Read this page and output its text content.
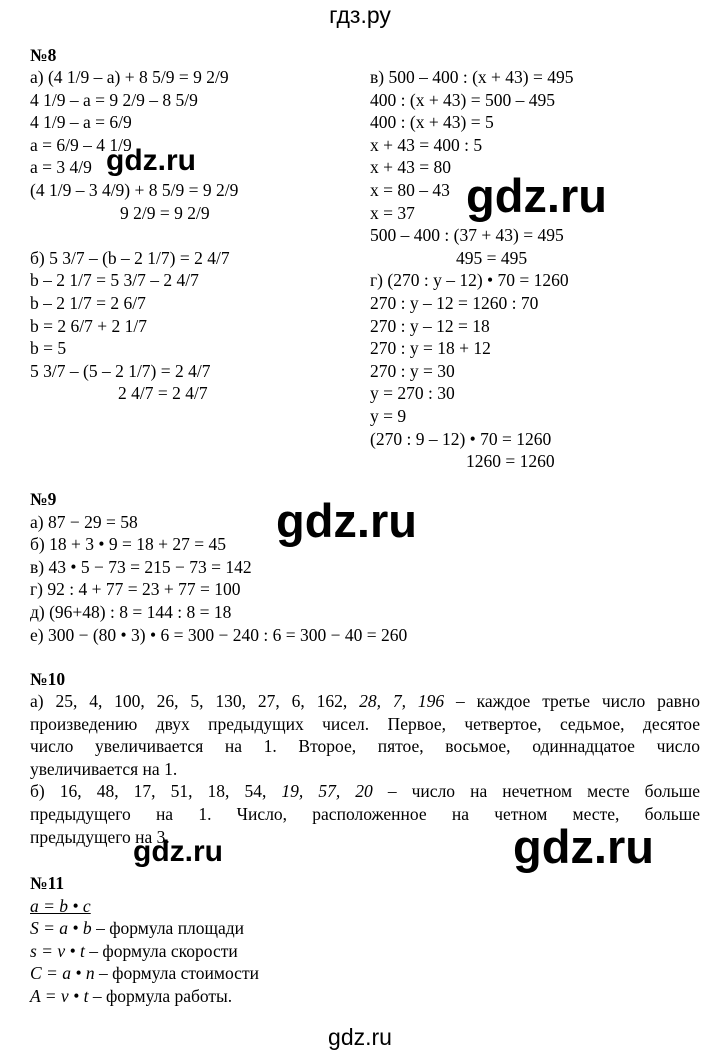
гдз.ру
№8
а) (4 1/9 – а) + 8 5/9 = 9 2/9
4 1/9 – а = 9 2/9 – 8 5/9
4 1/9 – а = 6/9
а = 6/9 – 4 1/9
а = 3 4/9
(4 1/9 – 3 4/9) + 8 5/9 = 9 2/9
9 2/9 = 9 2/9
б) 5 3/7 – (b – 2 1/7) = 2 4/7
b – 2 1/7 = 5 3/7 – 2 4/7
b – 2 1/7 = 2 6/7
b = 2 6/7 + 2 1/7
b = 5
5 3/7 – (5 – 2 1/7) = 2 4/7
2 4/7 = 2 4/7
в) 500 – 400 : (x + 43) = 495
400 : (x + 43) = 500 – 495
400 : (x + 43) = 5
x + 43 = 400 : 5
x + 43 = 80
x = 80 – 43
x = 37
500 – 400 : (37 + 43) = 495
495 = 495
г) (270 : y – 12) • 70 = 1260
270 : y – 12 = 1260 : 70
270 : y – 12 = 18
270 : y = 18 + 12
270 : y = 30
y = 270 : 30
y = 9
(270 : 9 – 12) • 70 = 1260
1260 = 1260
№9
а) 87 − 29 = 58
б) 18 + 3 • 9 = 18 + 27 = 45
в) 43 • 5 − 73 = 215 − 73 = 142
г) 92 : 4 + 77 = 23 + 77 = 100
д) (96+48) : 8 = 144 : 8 = 18
е) 300 − (80 • 3) • 6 = 300 − 240 : 6 = 300 − 40 = 260
№10
а) 25, 4, 100, 26, 5, 130, 27, 6, 162, 28, 7, 196 – каждое третье число равно
произведению двух предыдущих чисел. Первое, четвертое, седьмое, десятое
число увеличивается на 1. Второе, пятое, восьмое, одиннадцатое число
увеличивается на 1.
б) 16, 48, 17, 51, 18, 54, 19, 57, 20 – число на нечетном месте больше
предыдущего на 1. Число, расположенное на четном месте, больше
предыдущего на 3.
№11
a = b • c
S = a • b – формула площади
s = v • t – формула скорости
C = a • n – формула стоимости
A = v • t – формула работы.
gdz.ru
gdz.ru
gdz.ru
gdz.ru	gdz.ru
gdz.ru
